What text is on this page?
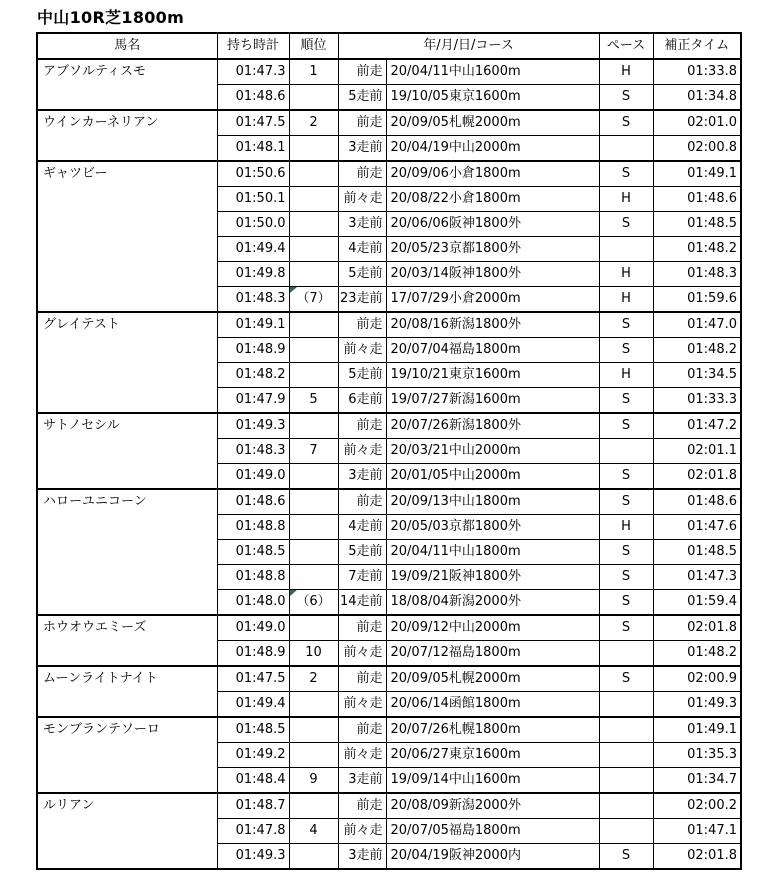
中山10R芝1800m
馬名	持ち時計	順位	年/月/日/コース		ペース	補正タイム
アブソルティスモ	01:47.3	1	前走	20/04/11中山1600m	H	01:33.8
	01:48.6		5走前	19/10/05東京1600m	S	01:34.8
ウインカーネリアン	01:47.5	2	前走	20/09/05札幌2000m	S	02:01.0
	01:48.1		3走前	20/04/19中山2000m		02:00.8
ギャツビー	01:50.6		前走	20/09/06小倉1800m	S	01:49.1
	01:50.1		前々走	20/08/22小倉1800m	H	01:48.6
	01:50.0		3走前	20/06/06阪神1800外	S	01:48.5
	01:49.4		4走前	20/05/23京都1800外		01:48.2
	01:49.8		5走前	20/03/14阪神1800外	H	01:48.3
	01:48.3	（7）	23走前	17/07/29小倉2000m	H	01:59.6
グレイテスト	01:49.1		前走	20/08/16新潟1800外	S	01:47.0
	01:48.9		前々走	20/07/04福島1800m	S	01:48.2
	01:48.2		5走前	19/10/21東京1600m	H	01:34.5
	01:47.9	5	6走前	19/07/27新潟1600m	S	01:33.3
サトノセシル	01:49.3		前走	20/07/26新潟1800外	S	01:47.2
	01:48.3	7	前々走	20/03/21中山2000m		02:01.1
	01:49.0		3走前	20/01/05中山2000m	S	02:01.8
ハローユニコーン	01:48.6		前走	20/09/13中山1800m	S	01:48.6
	01:48.8		4走前	20/05/03京都1800外	H	01:47.6
	01:48.5		5走前	20/04/11中山1800m	S	01:48.5
	01:48.8		7走前	19/09/21阪神1800外	S	01:47.3
	01:48.0	（6）	14走前	18/08/04新潟2000外	S	01:59.4
ホウオウエミーズ	01:49.0		前走	20/09/12中山2000m	S	02:01.8
	01:48.9	10	前々走	20/07/12福島1800m		01:48.2
ムーンライトナイト	01:47.5	2	前走	20/09/05札幌2000m	S	02:00.9
	01:49.4		前々走	20/06/14函館1800m		01:49.3
モンブランテソーロ	01:48.5		前走	20/07/26札幌1800m		01:49.1
	01:49.2		前々走	20/06/27東京1600m		01:35.3
	01:48.4	9	3走前	19/09/14中山1600m		01:34.7
ルリアン	01:48.7		前走	20/08/09新潟2000外		02:00.2
	01:47.8	4	前々走	20/07/05福島1800m		01:47.1
	01:49.3		3走前	20/04/19阪神2000内	S	02:01.8
